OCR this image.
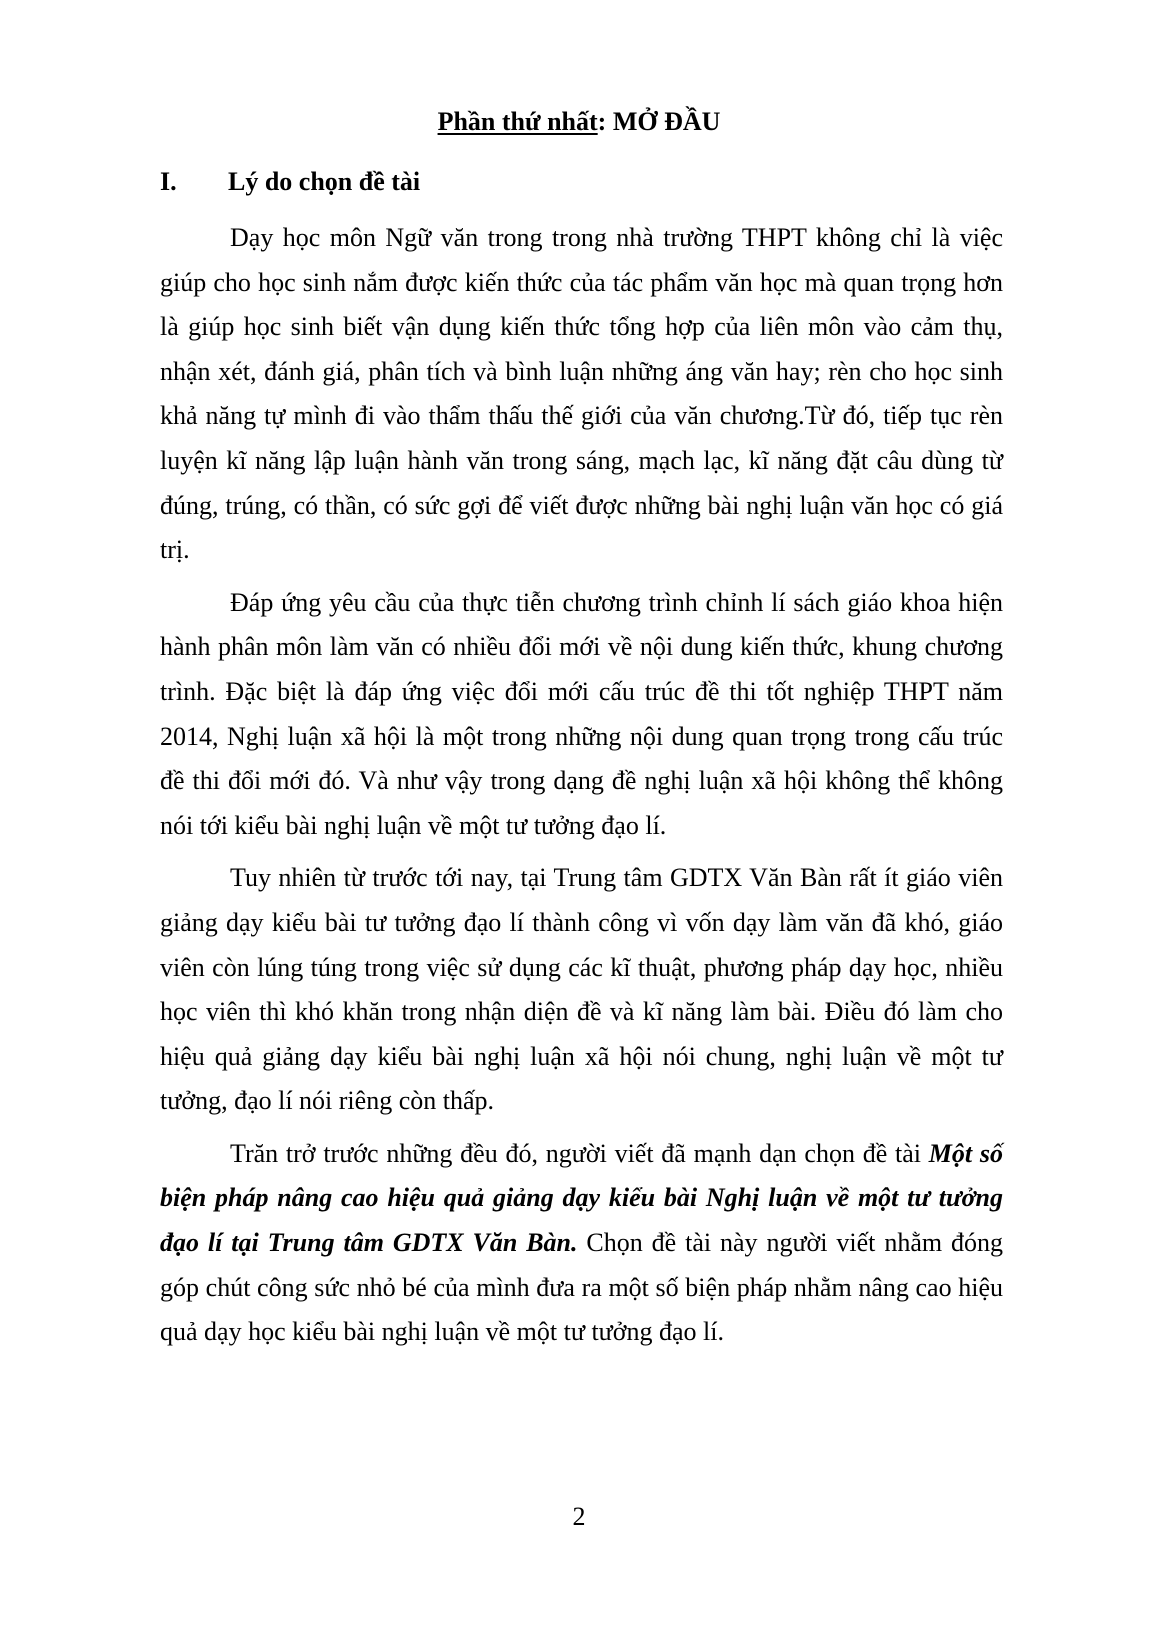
Phần thứ nhất: MỞ ĐẦU
I. Lý do chọn đề tài

Dạy học môn Ngữ văn trong trong nhà trường THPT không chỉ là việc giúp cho học sinh nắm được kiến thức của tác phẩm văn học mà quan trọng hơn là giúp học sinh biết vận dụng kiến thức tổng hợp của liên môn vào cảm thụ, nhận xét, đánh giá, phân tích và bình luận những áng văn hay; rèn cho học sinh khả năng tự mình đi vào thẩm thấu thế giới của văn chương.Từ đó, tiếp tục rèn luyện kĩ năng lập luận hành văn trong sáng, mạch lạc, kĩ năng đặt câu dùng từ đúng, trúng, có thần, có sức gợi để viết được những bài nghị luận văn học có giá trị.

Đáp ứng yêu cầu của thực tiễn chương trình chỉnh lí sách giáo khoa hiện hành phân môn làm văn có nhiều đổi mới về nội dung kiến thức, khung chương trình. Đặc biệt là đáp ứng việc đổi mới cấu trúc đề thi tốt nghiệp THPT năm 2014, Nghị luận xã hội là một trong những nội dung quan trọng trong cấu trúc đề thi đổi mới đó. Và như vậy trong dạng đề nghị luận xã hội không thể không nói tới kiểu bài nghị luận về một tư tưởng đạo lí.

Tuy nhiên từ trước tới nay, tại Trung tâm GDTX Văn Bàn rất ít giáo viên giảng dạy kiểu bài tư tưởng đạo lí thành công vì vốn dạy làm văn đã khó, giáo viên còn lúng túng trong việc sử dụng các kĩ thuật, phương pháp dạy học, nhiều học viên thì khó khăn trong nhận diện đề và kĩ năng làm bài. Điều đó làm cho hiệu quả giảng dạy kiểu bài nghị luận xã hội nói chung, nghị luận về một tư tưởng, đạo lí nói riêng còn thấp.

Trăn trở trước những đều đó, người viết đã mạnh dạn chọn đề tài Một số biện pháp nâng cao hiệu quả giảng dạy kiểu bài Nghị luận về một tư tưởng đạo lí tại Trung tâm GDTX Văn Bàn. Chọn đề tài này người viết nhằm đóng góp chút công sức nhỏ bé của mình đưa ra một số biện pháp nhằm nâng cao hiệu quả dạy học kiểu bài nghị luận về một tư tưởng đạo lí.

2
